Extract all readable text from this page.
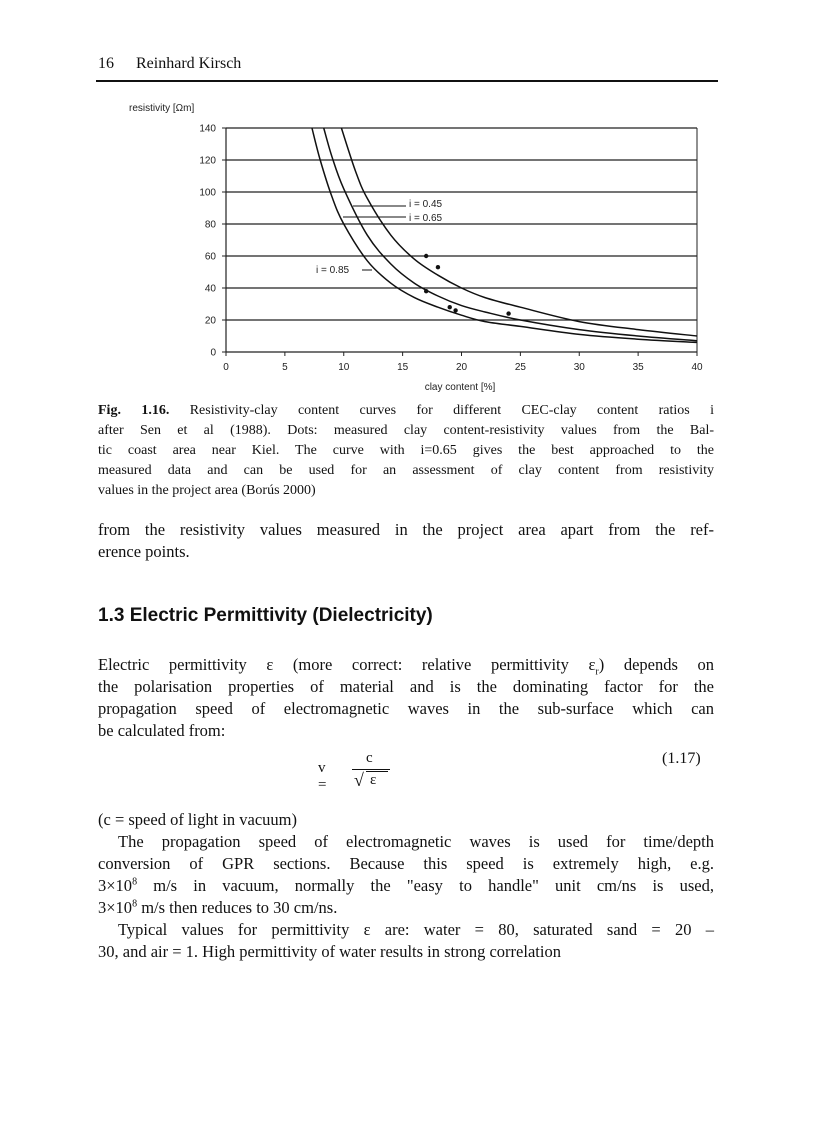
16 Reinhard Kirsch
0
20
40
60
80
100
120
140
0	5	10	15	20	25	30	35	40
resistivity [Ωm]
clay content [%]
i = 0.45
i = 0.65
i = 0.85
Fig. 1.16. Resistivity-clay content curves for different CEC-clay content ratios i
after Sen et al (1988). Dots: measured clay content-resistivity values from the Bal-
tic coast area near Kiel. The curve with i=0.65 gives the best approached to the
measured data and can be used for an assessment of clay content from resistivity
values in the project area (Borús 2000)
from the resistivity values measured in the project area apart from the ref-
erence points.
1.3 Electric Permittivity (Dielectricity)
Electric permittivity ε (more correct: relative permittivity $\varepsilon_r$) depends on
the polarisation properties of material and is the dominating factor for the
propagation speed of electromagnetic waves in the sub-surface which can
be calculated from:
v =
c
√ ε
(1.17)
(c = speed of light in vacuum)
The propagation speed of electromagnetic waves is used for time/depth
conversion of GPR sections. Because this speed is extremely high, e.g.
$3\times 10^8$ m/s in vacuum, normally the "easy to handle" unit cm/ns is used,
$3\times 10^8$ m/s then reduces to 30 cm/ns.
Typical values for permittivity ε are: water = 80, saturated sand = 20 –
30, and air = 1. High permittivity of water results in strong correlation
